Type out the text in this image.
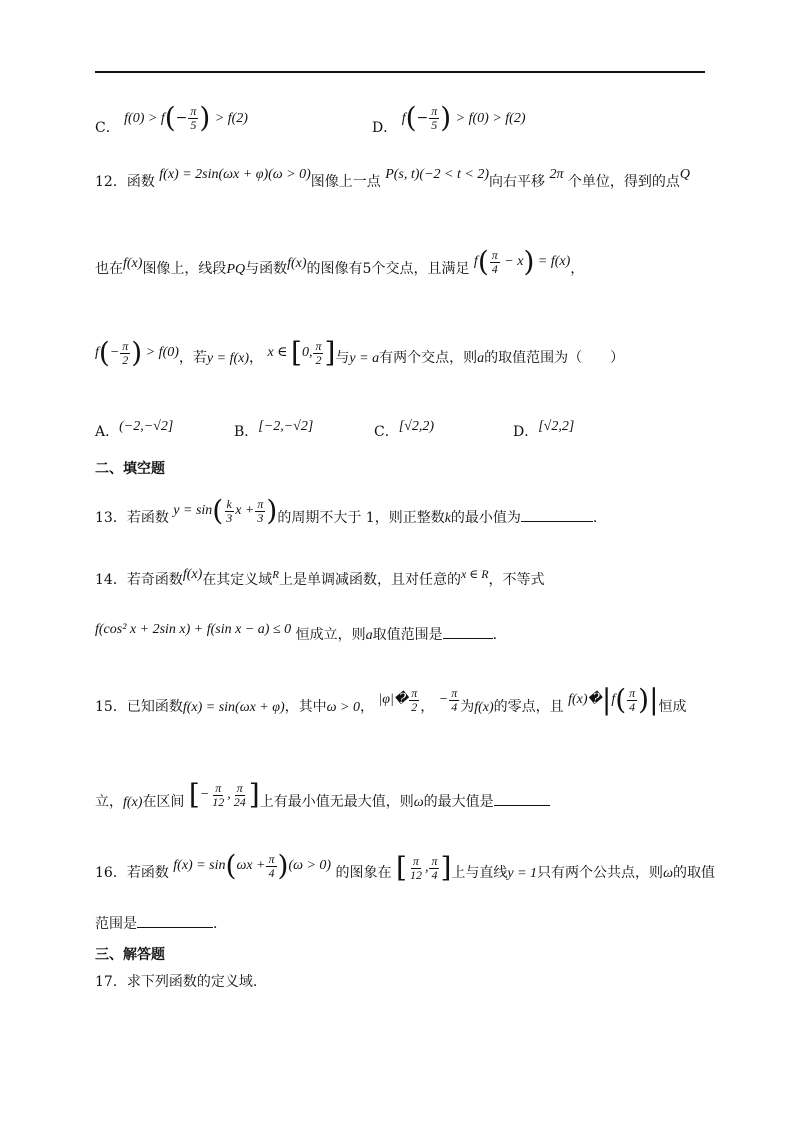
C． $f(0) > f(- \frac{\pi}{5}$ ) > f(2)
D． $f(- \frac{\pi}{5}$ ) > f(0) > f(2)
12．函数 f(x) = 2sin(ωx + φ)(ω > 0)图像上一点 P(s, t)(−2 < t < 2)向右平移 2π 个单位，得到的点Q
也在f(x)图像上，线段PQ与函数f(x)的图像有5个交点，且满足 $f( \frac{\pi}{4} - x) = f(x)$，
$f(- \frac{\pi}{2}$ ) > f(0)，若y = f(x)， x ∈ [0, $\frac{\pi}{2}$ ]与y = a有两个交点，则a的取值范围为（　　）
A．(−2,−√2]	B．[−2,−√2]	C．[√2,2)	D．[√2,2]
二、填空题
13．若函数 $y = \sin( \frac{k}{3}$ $x + \frac{\pi}{3}$ )的周期不大于 1，则正整数k的最小值为	.
14．若奇函数f(x)在其定义域$^R$上是单调减函数，且对任意的x ∈ R，不等式
f(cos² x + 2sin x) + f(sin x − a) ≤ 0 恒成立，则a取值范围是	.
15．已知函数f(x) = sin(ωx + φ)，其中ω > 0， |φ|� $\frac{\pi}{2}$ ， − $\frac{\pi}{4}$ 为f(x)的零点，且 f(x)�|f( $\frac{\pi}{4}$ )|恒成
立，f(x)在区间 [− $\frac{\pi}{12}$ , $\frac{\pi}{24}$ ]上有最小值无最大值，则ω的最大值是
16．若函数 $f(x) = \sin(\omega x + \frac{\pi}{4} )(\omega > 0)$ 的图象在 [ $\frac{\pi}{12}$ , $\frac{\pi}{4}$ ]上与直线y = 1只有两个公共点，则ω的取值
范围是	.
三、解答题
17．求下列函数的定义域.
